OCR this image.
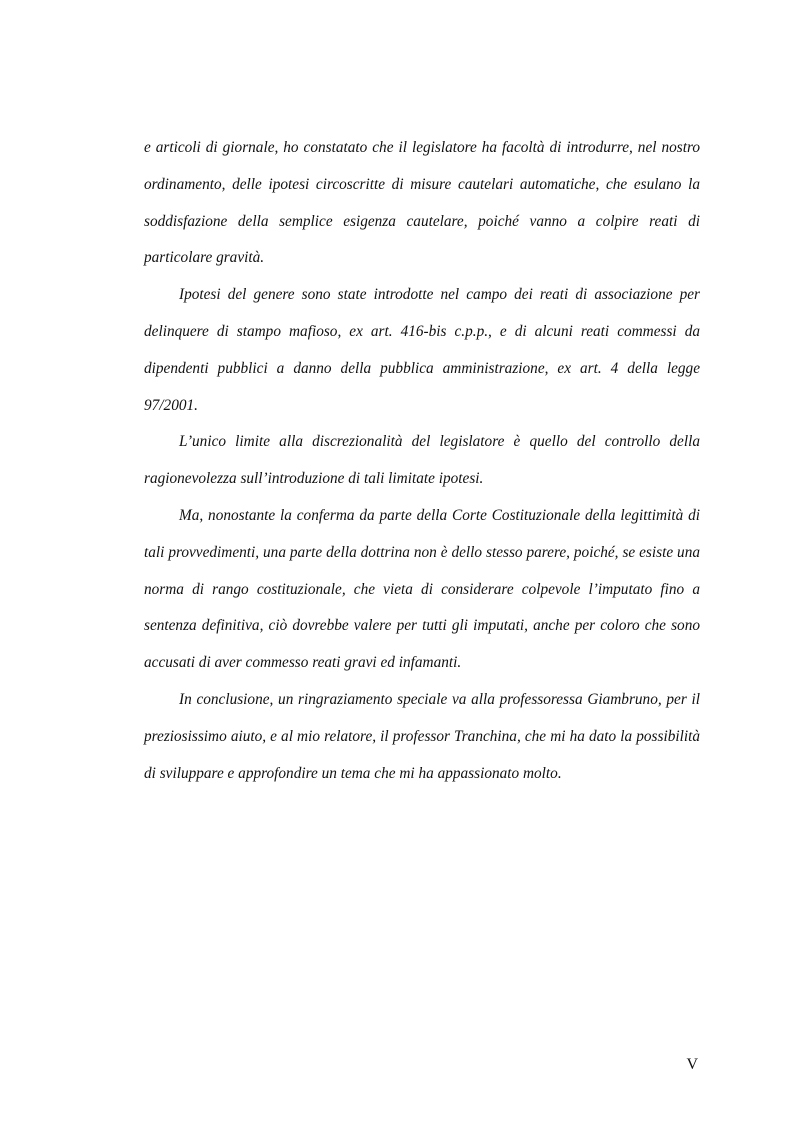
e articoli di giornale, ho constatato che il legislatore ha facoltà di introdurre, nel nostro ordinamento, delle ipotesi circoscritte di misure cautelari automatiche, che esulano la soddisfazione della semplice esigenza cautelare, poiché vanno a colpire reati di particolare gravità.

Ipotesi del genere sono state introdotte nel campo dei reati di associazione per delinquere di stampo mafioso, ex art. 416-bis c.p.p., e di alcuni reati commessi da dipendenti pubblici a danno della pubblica amministrazione, ex art. 4 della legge 97/2001.

L’unico limite alla discrezionalità del legislatore è quello del controllo della ragionevolezza sull’introduzione di tali limitate ipotesi.

Ma, nonostante la conferma da parte della Corte Costituzionale della legittimità di tali provvedimenti, una parte della dottrina non è dello stesso parere, poiché, se esiste una norma di rango costituzionale, che vieta di considerare colpevole l’imputato fino a sentenza definitiva, ciò dovrebbe valere per tutti gli imputati, anche per coloro che sono accusati di aver commesso reati gravi ed infamanti.

In conclusione, un ringraziamento speciale va alla professoressa Giambruno, per il preziosissimo aiuto, e al mio relatore, il professor Tranchina, che mi ha dato la possibilità di sviluppare e approfondire un tema che mi ha appassionato molto.

V
